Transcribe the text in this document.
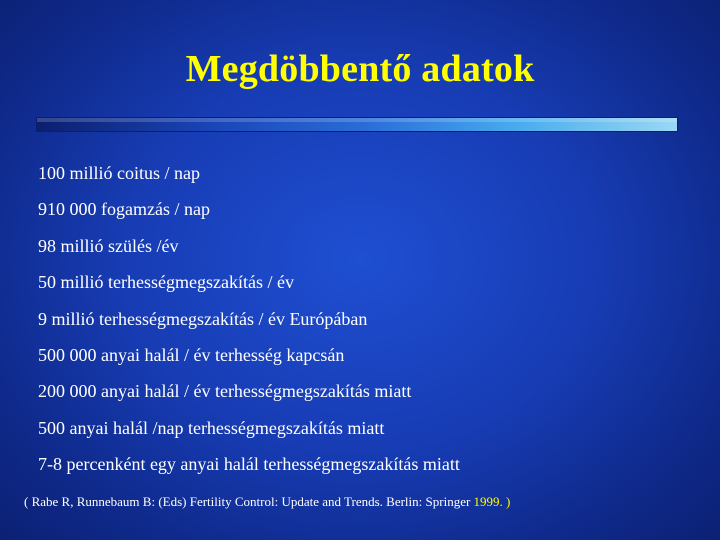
Megdöbbentő adatok
100 millió coitus / nap
910 000 fogamzás / nap
98 millió szülés /év
50 millió terhességmegszakítás / év
9 millió terhességmegszakítás / év Európában
500 000 anyai halál / év terhesség kapcsán
200 000 anyai halál / év terhességmegszakítás miatt
500 anyai halál /nap terhességmegszakítás miatt
7-8 percenként egy anyai halál terhességmegszakítás miatt
( Rabe R, Runnebaum B: (Eds) Fertility Control: Update and Trends. Berlin: Springer 1999. )
